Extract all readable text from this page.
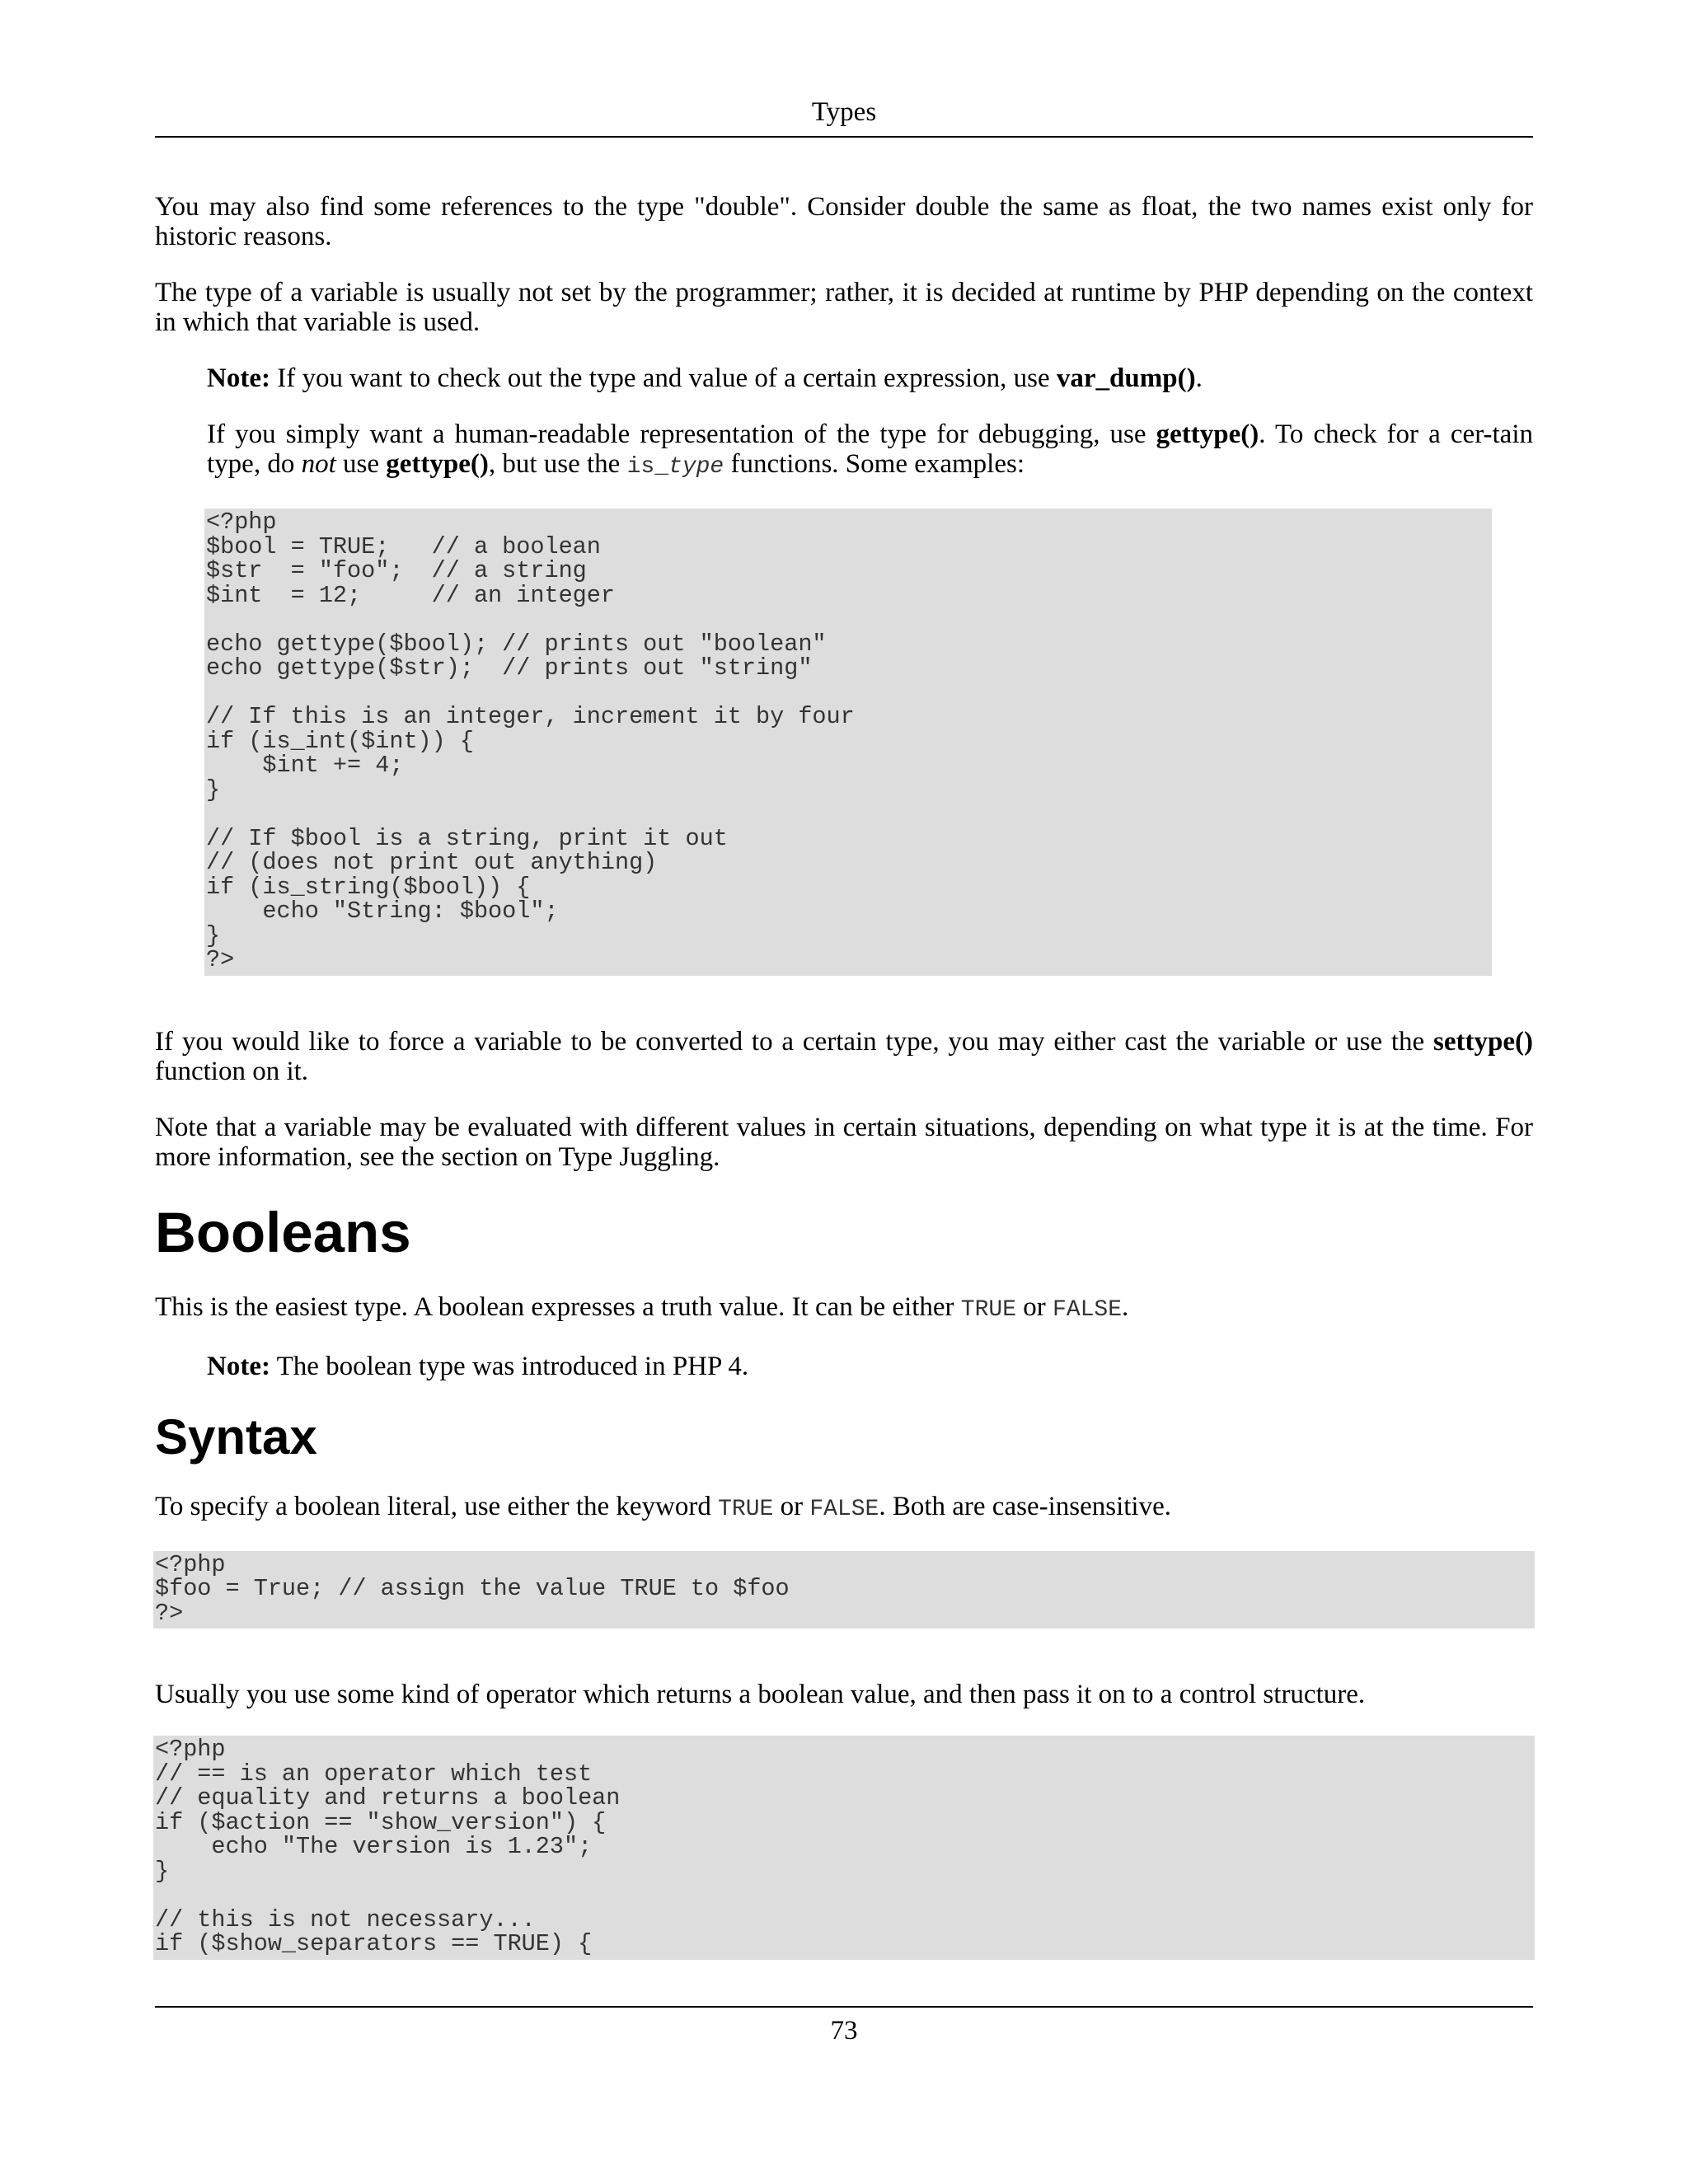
Types

You may also find some references to the type "double". Consider double the same as float, the two names exist only for historic reasons.

The type of a variable is usually not set by the programmer; rather, it is decided at runtime by PHP depending on the context in which that variable is used.

Note: If you want to check out the type and value of a certain expression, use var_dump().

If you simply want a human-readable representation of the type for debugging, use gettype(). To check for a cer-tain type, do not use gettype(), but use the is_type functions. Some examples:

<?php
$bool = TRUE;   // a boolean
$str  = "foo";  // a string
$int  = 12;     // an integer

echo gettype($bool); // prints out "boolean"
echo gettype($str);  // prints out "string"

// If this is an integer, increment it by four
if (is_int($int)) {
$int += 4;
}

// If $bool is a string, print it out
// (does not print out anything)
if (is_string($bool)) {
echo "String: $bool";
}
?>

If you would like to force a variable to be converted to a certain type, you may either cast the variable or use the settype() function on it.

Note that a variable may be evaluated with different values in certain situations, depending on what type it is at the time. For more information, see the section on Type Juggling.

Booleans

This is the easiest type. A boolean expresses a truth value. It can be either TRUE or FALSE.

Note: The boolean type was introduced in PHP 4.

Syntax

To specify a boolean literal, use either the keyword TRUE or FALSE. Both are case-insensitive.

<?php
$foo = True; // assign the value TRUE to $foo
?>

Usually you use some kind of operator which returns a boolean value, and then pass it on to a control structure.

<?php
// == is an operator which test
// equality and returns a boolean
if ($action == "show_version") {
echo "The version is 1.23";
}

// this is not necessary...
if ($show_separators == TRUE) {
73
